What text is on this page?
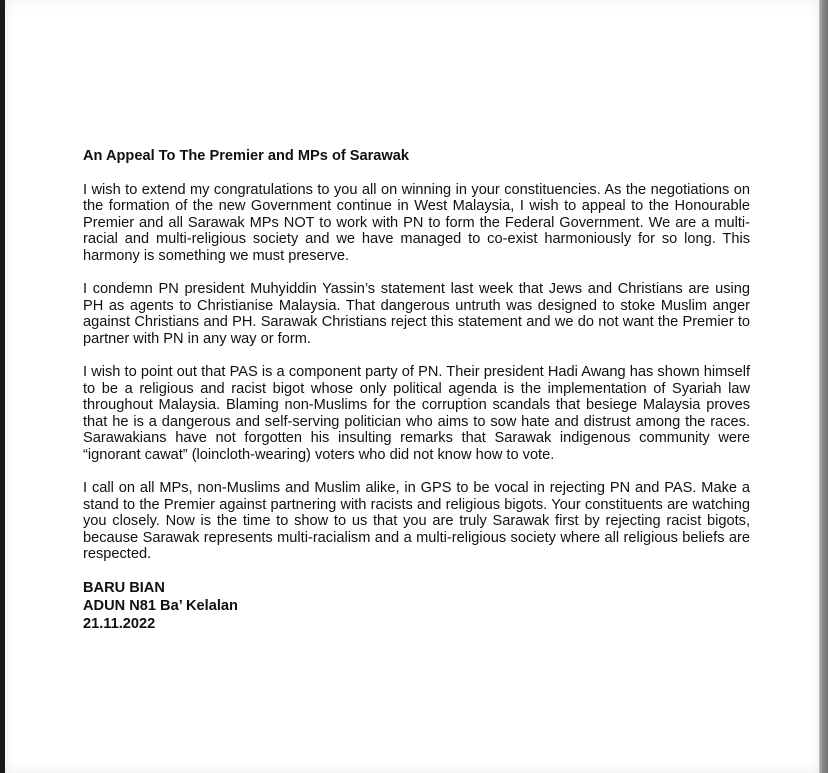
An Appeal To The Premier and MPs of Sarawak

I wish to extend my congratulations to you all on winning in your constituencies. As the negotiations on the formation of the new Government continue in West Malaysia, I wish to appeal to the Honourable Premier and all Sarawak MPs NOT to work with PN to form the Federal Government. We are a multi-racial and multi-religious society and we have managed to co-exist harmoniously for so long. This harmony is something we must preserve.

I condemn PN president Muhyiddin Yassin’s statement last week that Jews and Christians are using PH as agents to Christianise Malaysia. That dangerous untruth was designed to stoke Muslim anger against Christians and PH. Sarawak Christians reject this statement and we do not want the Premier to partner with PN in any way or form.

I wish to point out that PAS is a component party of PN. Their president Hadi Awang has shown himself to be a religious and racist bigot whose only political agenda is the implementation of Syariah law throughout Malaysia. Blaming non-Muslims for the corruption scandals that besiege Malaysia proves that he is a dangerous and self-serving politician who aims to sow hate and distrust among the races. Sarawakians have not forgotten his insulting remarks that Sarawak indigenous community were “ignorant cawat” (loincloth-wearing) voters who did not know how to vote.

I call on all MPs, non-Muslims and Muslim alike, in GPS to be vocal in rejecting PN and PAS. Make a stand to the Premier against partnering with racists and religious bigots. Your constituents are watching you closely. Now is the time to show to us that you are truly Sarawak first by rejecting racist bigots, because Sarawak represents multi-racialism and a multi-religious society where all religious beliefs are respected.

BARU BIAN

ADUN N81 Ba’ Kelalan

21.11.2022
